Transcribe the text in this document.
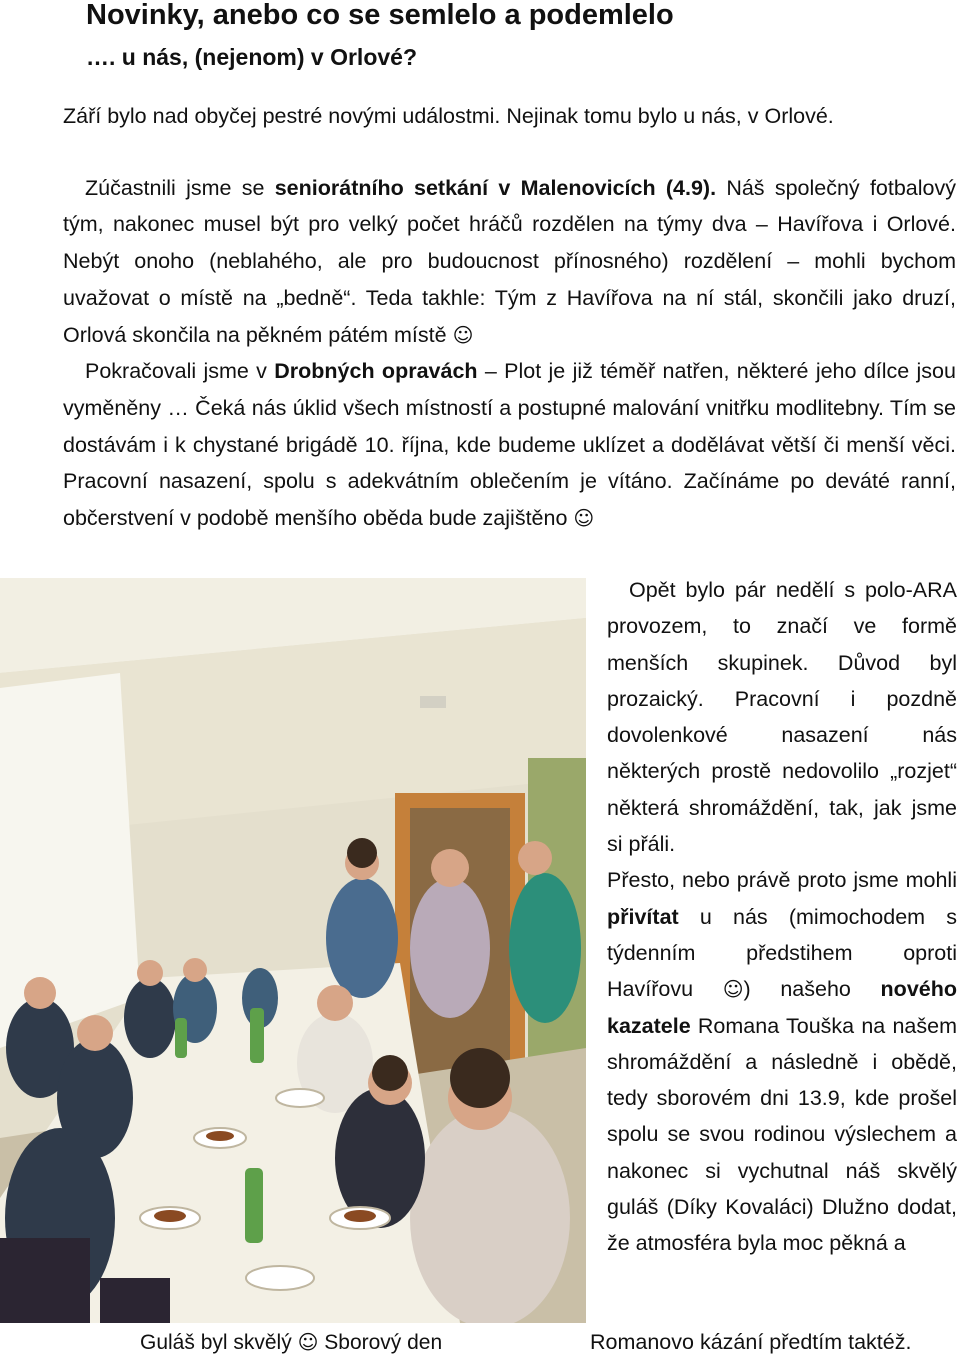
Novinky, anebo co se semlelo a podemlelo
…. u nás, (nejenom) v Orlové?

Září bylo nad obyčej pestré novými událostmi. Nejinak tomu bylo u nás, v Orlové.

Zúčastnili jsme se seniorátního setkání v Malenovicích (4.9). Náš společný fotbalový tým, nakonec musel být pro velký počet hráčů rozdělen na týmy dva – Havířova i Orlové. Nebýt onoho (neblahého, ale pro budoucnost přínosného) rozdělení – mohli bychom uvažovat o místě na „bedně“. Teda takhle: Tým z Havířova na ní stál, skončili jako druzí, Orlová skončila na pěkném pátém místě ☺

Pokračovali jsme v Drobných opravách – Plot je již téměř natřen, některé jeho dílce jsou vyměněny … Čeká nás úklid všech místností a postupné malování vnitřku modlitebny. Tím se dostávám i k chystané brigádě 10. října, kde budeme uklízet a dodělávat větší či menší věci. Pracovní nasazení, spolu s adekvátním oblečením je vítáno. Začínáme po deváté ranní, občerstvení v podobě menšího oběda bude zajištěno ☺

Opět bylo pár nedělí s polo-ARA provozem, to značí ve formě menších skupinek. Důvod byl prozaický. Pracovní i pozdně dovolenkové nasazení nás některých prostě nedovolilo „rozjet“ některá shromáždění, tak, jak jsme si přáli.

Přesto, nebo právě proto jsme mohli přivítat u nás (mimochodem s týdenním předstihem oproti Havířovu ☺) našeho nového kazatele Romana Touška na našem shromáždění a následně i obědě, tedy sborovém dni 13.9, kde prošel spolu se svou rodinou výslechem a nakonec si vychutnal náš skvělý guláš (Díky Kovaláci) Dlužno dodat, že atmosféra byla moc pěkná a

Guláš byl skvělý ☺ Sborový den	Romanovo kázání předtím taktéž.
